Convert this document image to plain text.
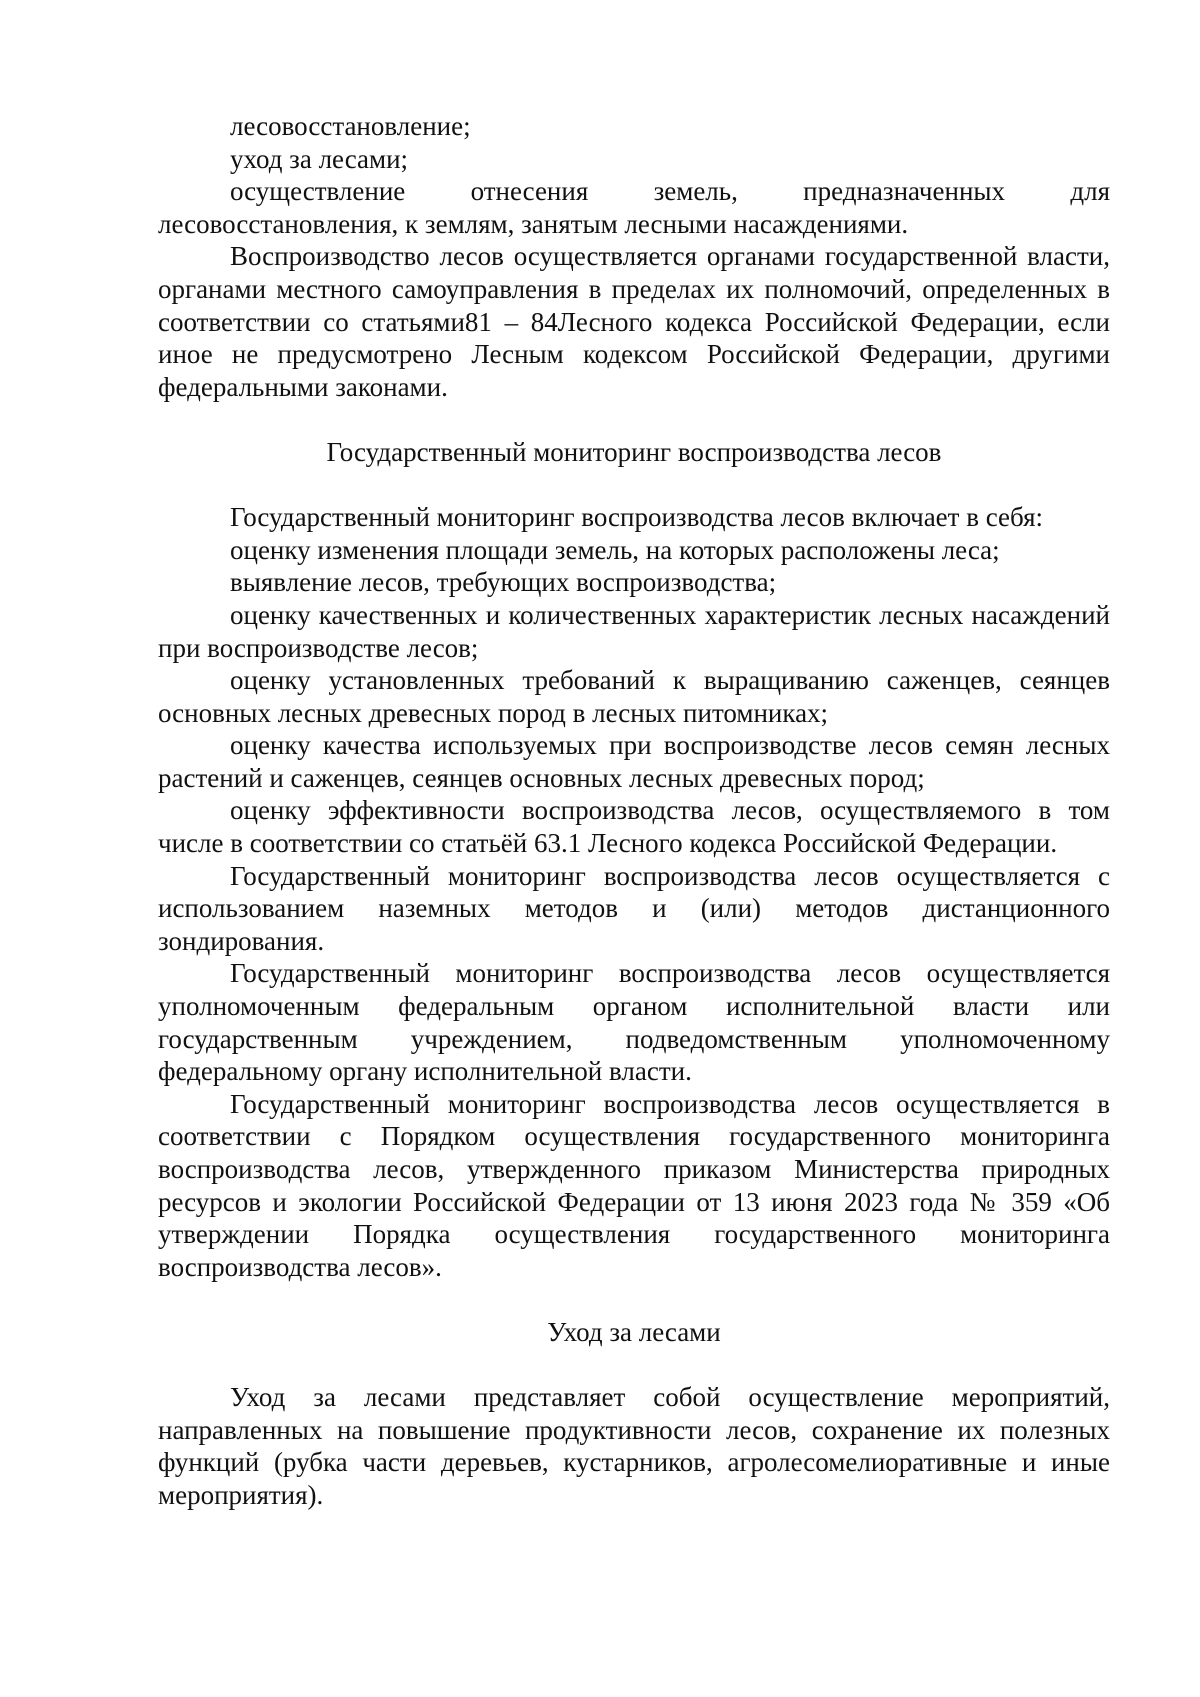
лесовосстановление;

уход за лесами;

осуществление отнесения земель, предназначенных для лесовосстановления, к землям, занятым лесными насаждениями.

Воспроизводство лесов осуществляется органами государственной власти, органами местного самоуправления в пределах их полномочий, определенных в соответствии со статьями81 – 84Лесного кодекса Российской Федерации, если иное не предусмотрено Лесным кодексом Российской Федерации, другими федеральными законами.

Государственный мониторинг воспроизводства лесов

Государственный мониторинг воспроизводства лесов включает в себя:

оценку изменения площади земель, на которых расположены леса;

выявление лесов, требующих воспроизводства;

оценку качественных и количественных характеристик лесных насаждений при воспроизводстве лесов;

оценку установленных требований к выращиванию саженцев, сеянцев основных лесных древесных пород в лесных питомниках;

оценку качества используемых при воспроизводстве лесов семян лесных растений и саженцев, сеянцев основных лесных древесных пород;

оценку эффективности воспроизводства лесов, осуществляемого в том числе в соответствии со статьёй 63.1 Лесного кодекса Российской Федерации.

Государственный мониторинг воспроизводства лесов осуществляется с использованием наземных методов и (или) методов дистанционного зондирования.

Государственный мониторинг воспроизводства лесов осуществляется уполномоченным федеральным органом исполнительной власти или государственным учреждением, подведомственным уполномоченному федеральному органу исполнительной власти.

Государственный мониторинг воспроизводства лесов осуществляется в соответствии с Порядком осуществления государственного мониторинга воспроизводства лесов, утвержденного приказом Министерства природных ресурсов и экологии Российской Федерации от 13 июня 2023 года № 359 «Об утверждении Порядка осуществления государственного мониторинга воспроизводства лесов».

Уход за лесами

Уход за лесами представляет собой осуществление мероприятий, направленных на повышение продуктивности лесов, сохранение их полезных функций (рубка части деревьев, кустарников, агролесомелиоративные и иные мероприятия).
